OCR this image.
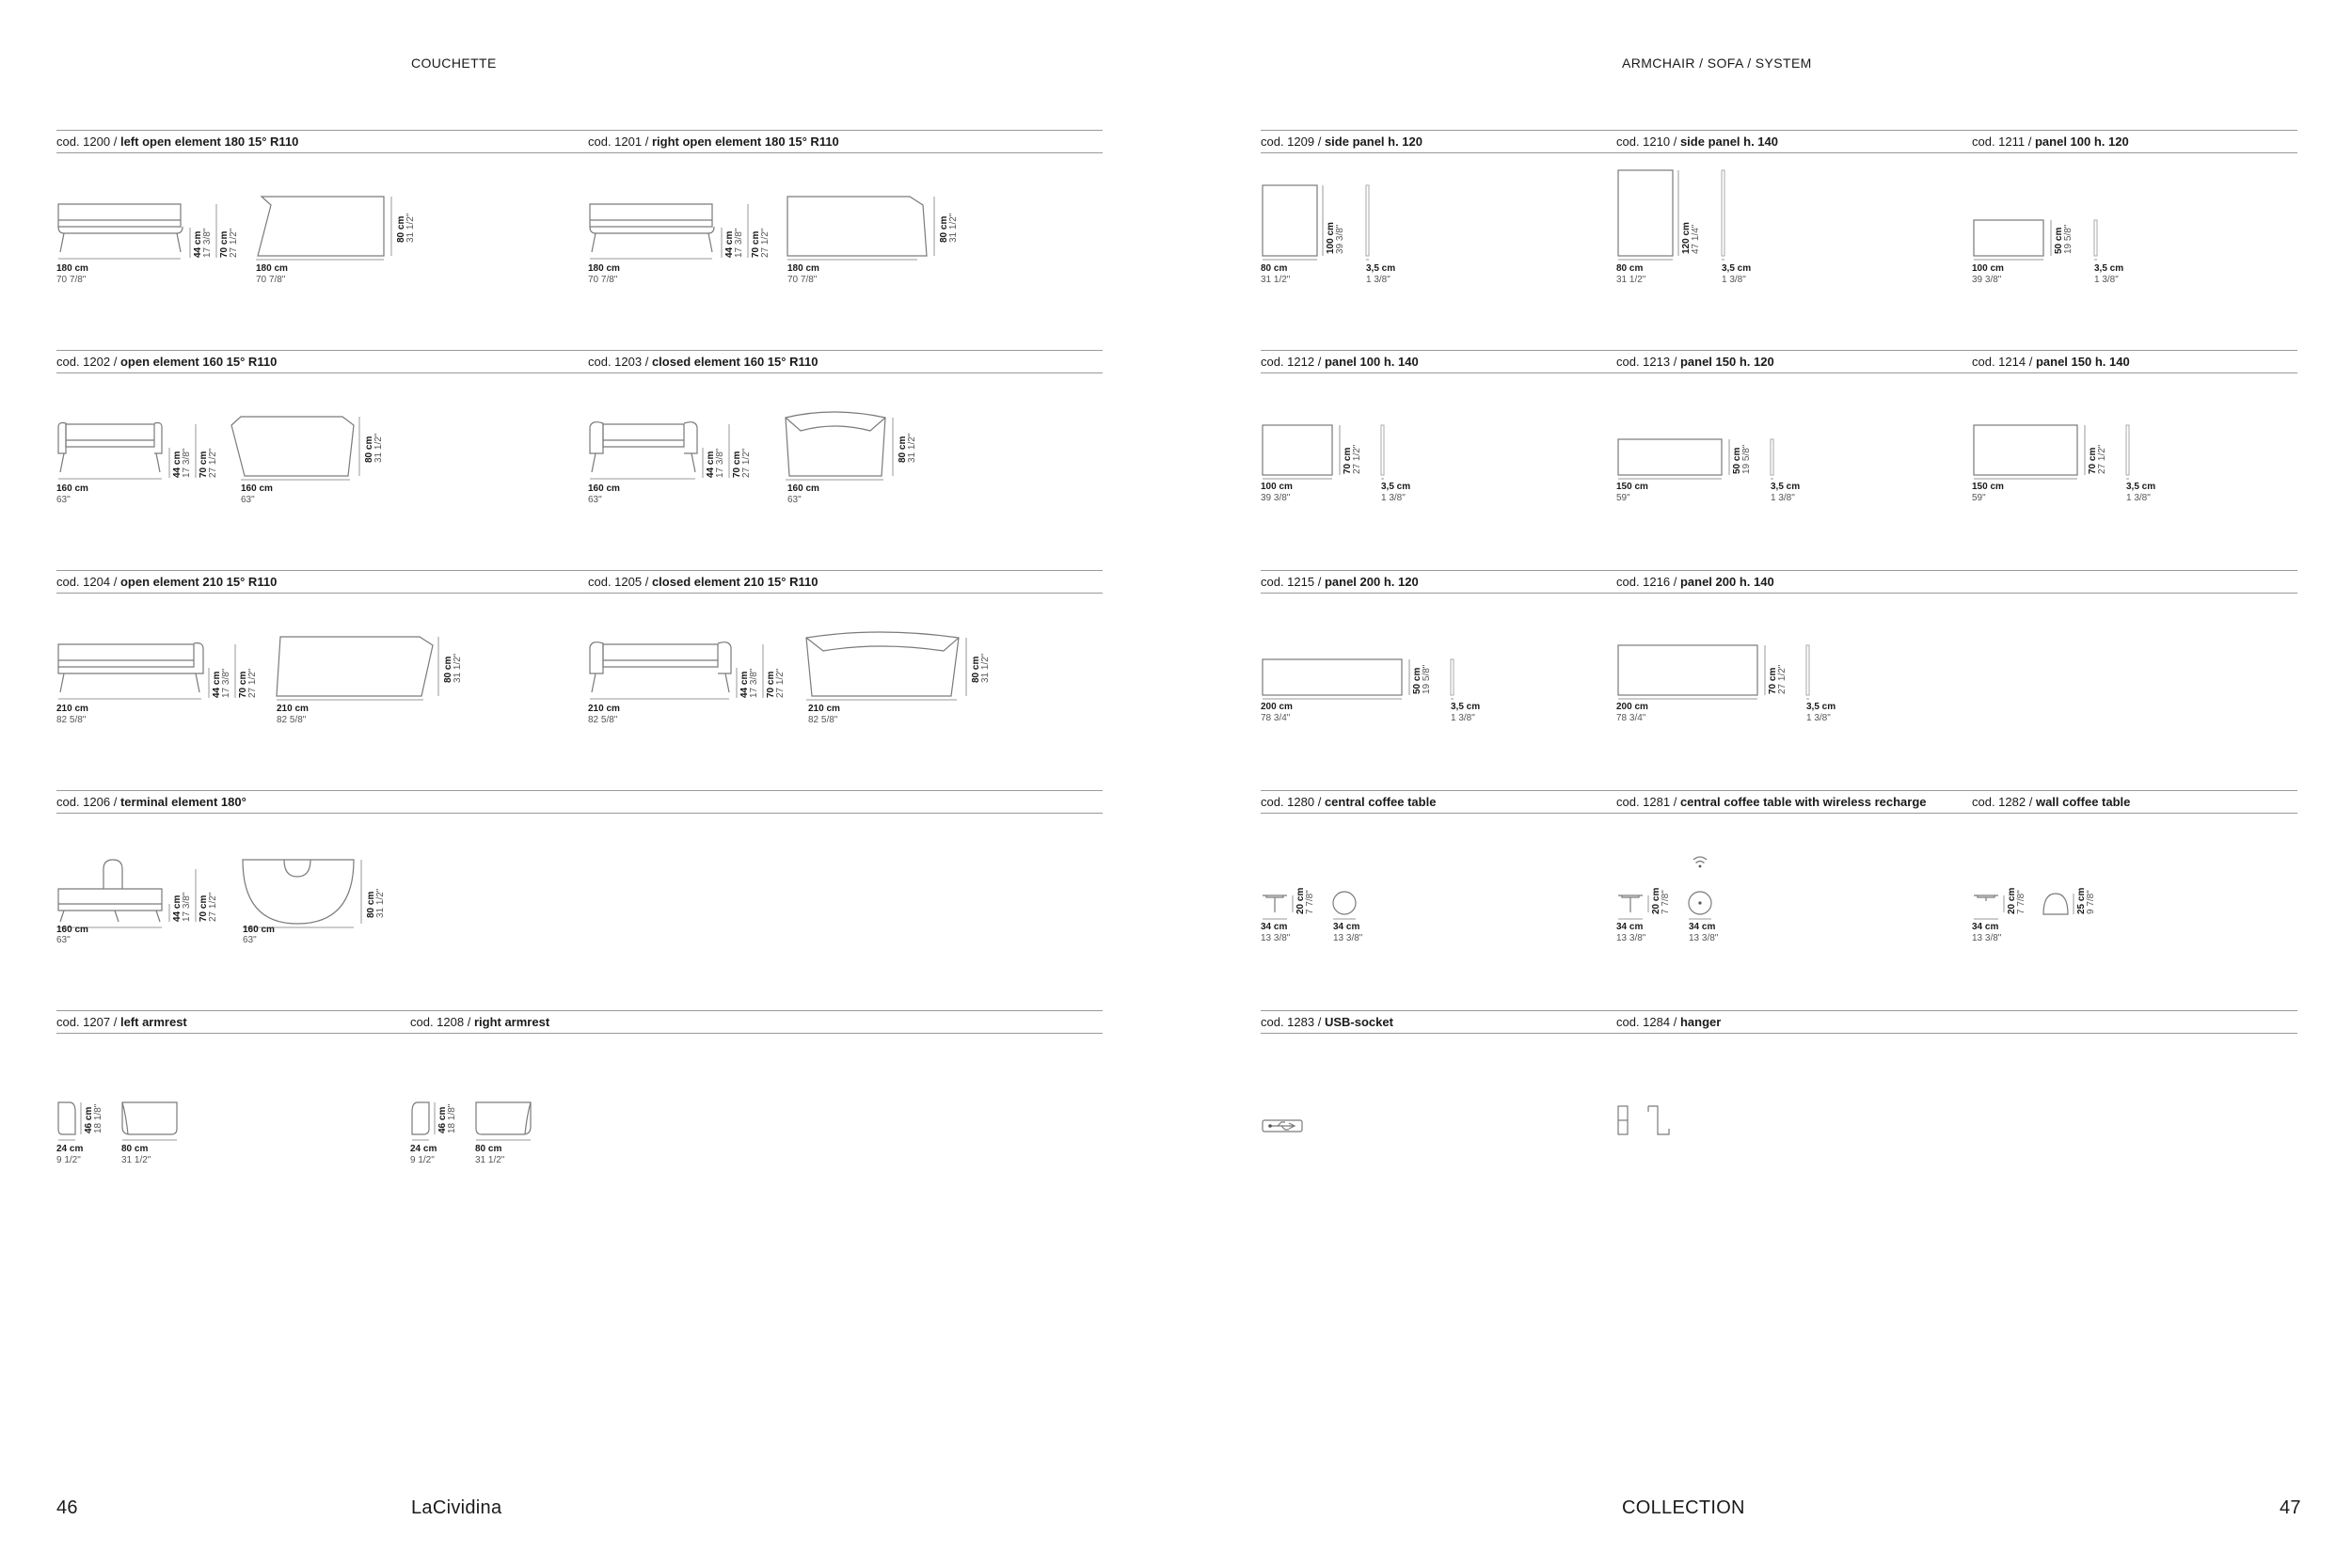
COUCHETTE	ARMCHAIR / SOFA / SYSTEM
46	LaCividina	COLLECTION	47
cod. 1200 / left open element 180 15° R110
180 cm
70 7/8"
44 cm 17 3/8" 70 cm 27 1/2"
180 cm
70 7/8"
80 cm 31 1/2"
cod. 1201 / right open element 180 15° R110
180 cm
70 7/8"
44 cm 17 3/8" 70 cm 27 1/2"
180 cm
70 7/8"
80 cm 31 1/2"
cod. 1202 / open element 160 15° R110
160 cm
63"
44 cm 17 3/8" 70 cm 27 1/2"
160 cm
63"
80 cm 31 1/2"
cod. 1203 / closed element 160 15° R110
160 cm
63"
44 cm 17 3/8" 70 cm 27 1/2"
160 cm
63"
80 cm 31 1/2"
cod. 1204 / open element 210 15° R110
210 cm
82 5/8"
44 cm 17 3/8" 70 cm 27 1/2"
210 cm
82 5/8"
80 cm 31 1/2"
cod. 1205 / closed element 210 15° R110
210 cm
82 5/8"
44 cm 17 3/8" 70 cm 27 1/2"
210 cm
82 5/8"
80 cm 31 1/2"
cod. 1206 / terminal element 180°
160 cm
63"
44 cm 17 3/8" 70 cm 27 1/2"
160 cm
63"
80 cm 31 1/2"
cod. 1207 / left armrest
24 cm
9 1/2"
46 cm 18 1/8"
80 cm
31 1/2"
cod. 1208 / right armrest
24 cm
9 1/2"
46 cm 18 1/8"
80 cm
31 1/2"
cod. 1209 / side panel h. 120
80 cm
31 1/2"
100 cm 39 3/8"
3,5 cm
1 3/8"
cod. 1210 / side panel h. 140
80 cm
31 1/2"
120 cm 47 1/4"
3,5 cm
1 3/8"
cod. 1211 / panel 100 h. 120
100 cm
39 3/8"
50 cm 19 5/8"
3,5 cm
1 3/8"
cod. 1212 / panel 100 h. 140
100 cm
39 3/8"
70 cm 27 1/2"
3,5 cm
1 3/8"
cod. 1213 / panel 150 h. 120
150 cm
59"
50 cm 19 5/8"
3,5 cm
1 3/8"
cod. 1214 / panel 150 h. 140
150 cm
59"
70 cm 27 1/2"
3,5 cm
1 3/8"
cod. 1215 / panel 200 h. 120
200 cm
78 3/4"
50 cm 19 5/8"
3,5 cm
1 3/8"
cod. 1216 / panel 200 h. 140
200 cm
78 3/4"
70 cm 27 1/2"
3,5 cm
1 3/8"
cod. 1280 / central coffee table
34 cm
13 3/8"
20 cm 7 7/8"
34 cm
13 3/8"
cod. 1281 / central coffee table with wireless recharge
34 cm
13 3/8"
20 cm 7 7/8"
34 cm
13 3/8"
cod. 1282 / wall coffee table
34 cm
13 3/8"
20 cm 7 7/8"	25 cm 9 7/8"
cod. 1283 / USB-socket	cod. 1284 / hanger
